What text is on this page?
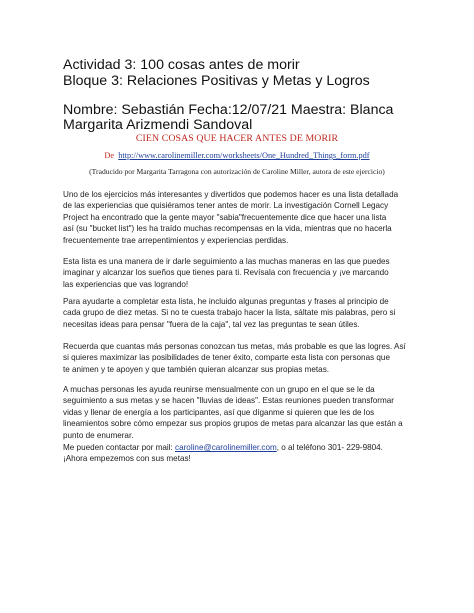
Actividad 3: 100 cosas antes de morir
Bloque 3: Relaciones Positivas y Metas y Logros
Nombre: Sebastián Fecha:12/07/21 Maestra: Blanca
Margarita Arizmendi Sandoval
CIEN COSAS QUE HACER ANTES DE MORIR
De http://www.carolinemiller.com/worksheets/One_Hundred_Things_form.pdf
(Traducido por Margarita Tarragona con autorización de Caroline Miller, autora de este ejercicio)
Uno de los ejercicios más interesantes y divertidos que podemos hacer es una lista detallada
de las experiencias que quisiéramos tener antes de morir. La investigación Cornell Legacy
Project ha encontrado que la gente mayor "sabia"frecuentemente dice que hacer una lista
así (su "bucket list") les ha traído muchas recompensas en la vida, mientras que no hacerla
frecuentemente trae arrepentimientos y experiencias perdidas.
Esta lista es una manera de ir darle seguimiento a las muchas maneras en las que puedes
imaginar y alcanzar los sueños que tienes para ti. Revísala con frecuencia y ¡ve marcando
las experiencias que vas logrando!
Para ayudarte a completar esta lista, he incluido algunas preguntas y frases al principio de
cada grupo de diez metas. Si no te cuesta trabajo hacer la lista, sáltate mis palabras, pero si
necesitas ideas para pensar "fuera de la caja", tal vez las preguntas te sean útiles.
Recuerda que cuantas más personas conozcan tus metas, más probable es que las logres. Así
si quieres maximizar las posibilidades de tener éxito, comparte esta lista con personas que
te animen y te apoyen y que también quieran alcanzar sus propias metas.
A muchas personas les ayuda reunirse mensualmente con un grupo en el que se le da
seguimiento a sus metas y se hacen "lluvias de ideas". Estas reuniones pueden transformar
vidas y llenar de energía a los participantes, así que díganme si quieren que les de los
lineamientos sobre cómo empezar sus propios grupos de metas para alcanzar las que están a
punto de enumerar.
Me pueden contactar por mail: caroline@carolinemiller.com, o al teléfono 301- 229-9804.
¡Ahora empezemos con sus metas!
